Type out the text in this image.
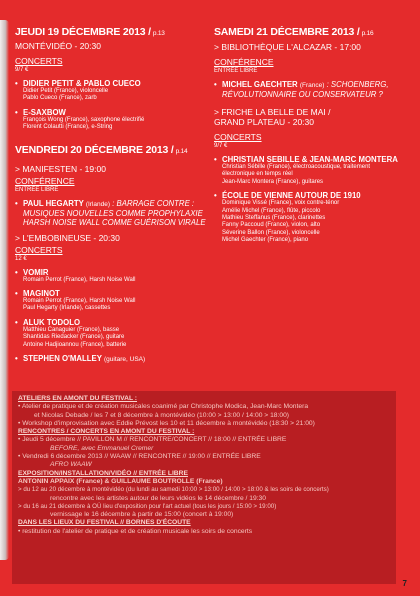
JEUDI 19 DÉCEMBRE 2013 / p.13
MONTÉVIDÉO - 20:30
CONCERTS
9/7 €
• DIDIER PETIT & PABLO CUECO
Didier Petit (France), violoncelle
Pablo Cueco (France), zarb
• E-SAXBOW
François Wong (France), saxophone électrifié
Florent Colautti (France), e-String
VENDREDI 20 DÉCEMBRE 2013 / p.14
> MANIFESTEN - 19:00
CONFÉRENCE
ENTRÉE LIBRE
• PAUL HEGARTY (Irlande) : BARRAGE CONTRE : MUSIQUES NOUVELLES COMME PROPHYLAXIE HARSH NOISE WALL COMME GUÉRISON VIRALE
> L'EMBOBINEUSE - 20:30
CONCERTS
12 €
• VOMIR
Romain Perrot (France), Harsh Noise Wall
• MAGINOT
Romain Perrot (France), Harsh Noise Wall
Paul Hegarty (Irlande), cassettes
• ALUK TODOLO
Matthieu Canaguier (France), basse
Shantidas Riedacker (France), guitare
Antoine Hadjioannou (France), batterie
• STEPHEN O'MALLEY (guitare, USA)
SAMEDI 21 DÉCEMBRE 2013 / p.16
> BIBLIOTHÈQUE L'ALCAZAR - 17:00
CONFÉRENCE
ENTRÉE LIBRE
• MICHEL GAECHTER (France) : SCHOENBERG, RÉVOLUTIONNAIRE OU CONSERVATEUR ?
> FRICHE LA BELLE DE MAI /
GRAND PLATEAU - 20:30
CONCERTS
9/7 €
• CHRISTIAN SEBILLE & JEAN-MARC MONTERA
Christian Sébille (France), électroacoustique, traitement
électronique en temps réel
Jean-Marc Montera (France), guitares
• ÉCOLE DE VIENNE AUTOUR DE 1910
Dominique Vissé (France), voix contre-ténor
Amélie Michel (France), flûte, piccolo
Mathieu Steffanus (France), clarinettes
Fanny Paccoud (France), violon, alto
Séverine Ballon (France), violoncelle
Michel Gaechter (France), piano
ATELIERS EN AMONT DU FESTIVAL :
• Atelier de pratique et de création musicales coanimé par Christophe Modica, Jean-Marc Montera
et Nicolas Debade / les 7 et 8 décembre à montévidéo (10:00 > 13:00 / 14:00 > 18:00)
• Workshop d'improvisation avec Eddie Prévost les 10 et 11 décembre à montévidéo (18:30 > 21:00)
RENCONTRES / CONCERTS EN AMONT DU FESTIVAL :
• Jeudi 5 décembre // PAVILLON M // RENCONTRE/CONCERT // 18:00 // ENTRÉE LIBRE
BEFORE, avec Emmanuel Cremer
• Vendredi 6 décembre 2013 // WAAW // RENCONTRE // 19:00 // ENTRÉE LIBRE
AFRO WAAW
EXPOSITION/INSTALLATION/VIDÉO // ENTRÉE LIBRE
ANTONIN APPAIX (France) & GUILLAUME BOUTROLLE (France)
> du 12 au 20 décembre à montévidéo (du lundi au samedi 10:00 > 13:00 / 14:00 > 18:00 & les soirs de concerts)
rencontre avec les artistes autour de leurs vidéos le 14 décembre / 19:30
> du 16 au 21 décembre à OÙ lieu d'exposition pour l'art actuel (tous les jours / 15:00 > 19:00)
vernissage le 16 décembre à partir de 15:00 (concert à 19:00)
DANS LES LIEUX DU FESTIVAL // BORNES D'ÉCOUTE
• restitution de l'atelier de pratique et de création musicale les soirs de concerts
7
